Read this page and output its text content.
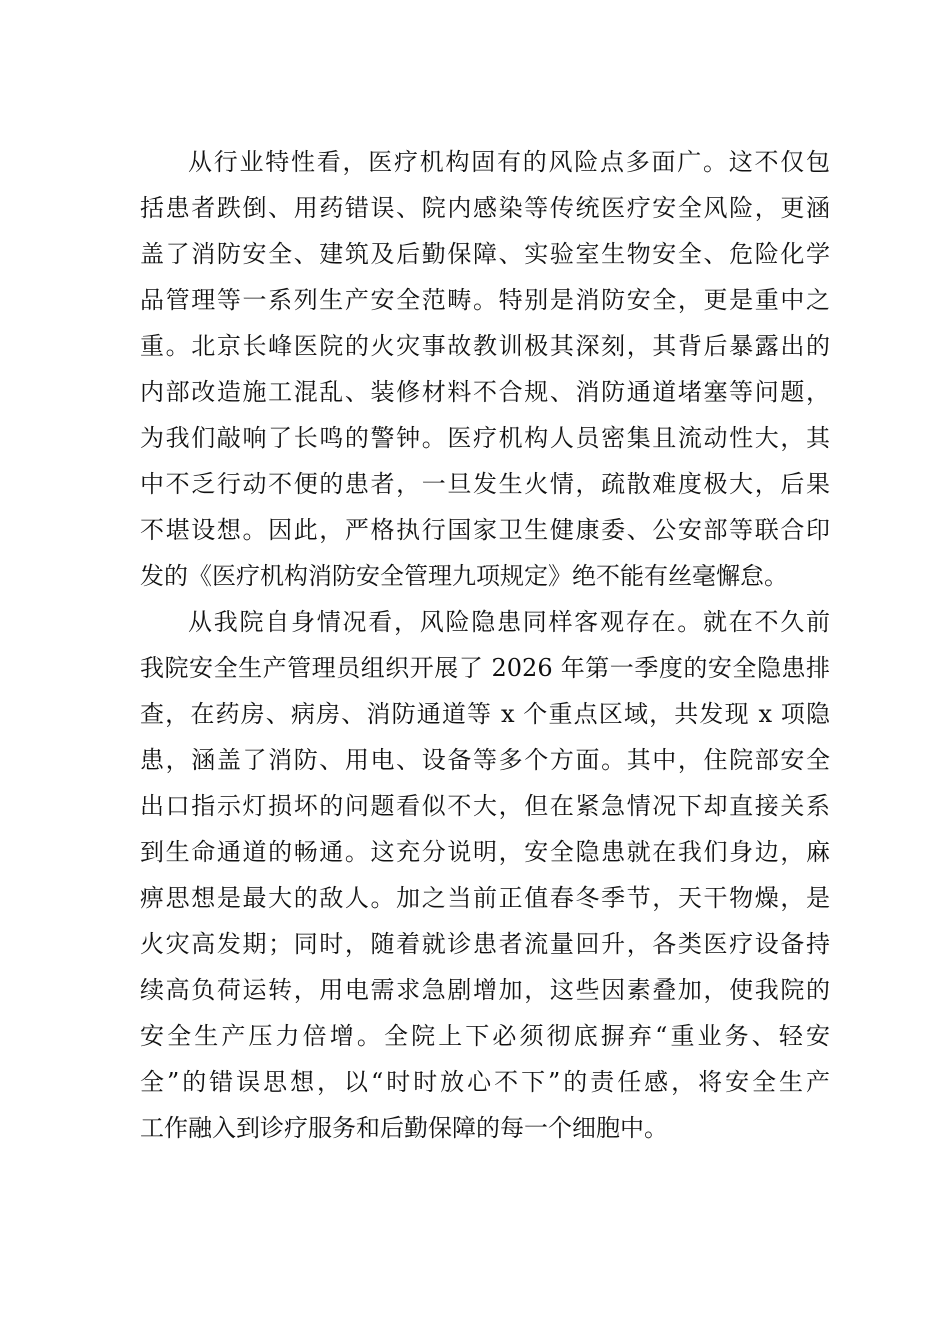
从行业特性看，医疗机构固有的风险点多面广。这不仅包
括患者跌倒、用药错误、院内感染等传统医疗安全风险，更涵
盖了消防安全、建筑及后勤保障、实验室生物安全、危险化学
品管理等一系列生产安全范畴。特别是消防安全，更是重中之
重。北京长峰医院的火灾事故教训极其深刻，其背后暴露出的
内部改造施工混乱、装修材料不合规、消防通道堵塞等问题，
为我们敲响了长鸣的警钟。医疗机构人员密集且流动性大，其
中不乏行动不便的患者，一旦发生火情，疏散难度极大，后果
不堪设想。因此，严格执行国家卫生健康委、公安部等联合印
发的《医疗机构消防安全管理九项规定》绝不能有丝毫懈怠。
从我院自身情况看，风险隐患同样客观存在。就在不久前
我院安全生产管理员组织开展了 2026 年第一季度的安全隐患排
查，在药房、病房、消防通道等 x 个重点区域，共发现 x 项隐
患，涵盖了消防、用电、设备等多个方面。其中，住院部安全
出口指示灯损坏的问题看似不大，但在紧急情况下却直接关系
到生命通道的畅通。这充分说明，安全隐患就在我们身边，麻
痹思想是最大的敌人。加之当前正值春冬季节，天干物燥，是
火灾高发期；同时，随着就诊患者流量回升，各类医疗设备持
续高负荷运转，用电需求急剧增加，这些因素叠加，使我院的
安全生产压力倍增。全院上下必须彻底摒弃“重业务、轻安
全”的错误思想，以“时时放心不下”的责任感，将安全生产
工作融入到诊疗服务和后勤保障的每一个细胞中。
